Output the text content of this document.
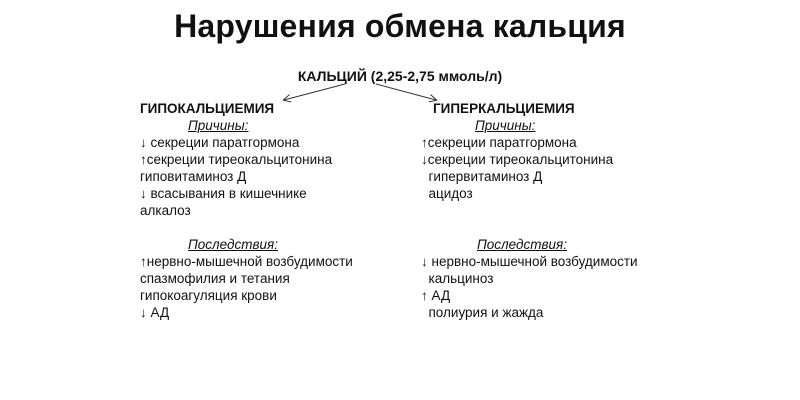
Нарушения обмена кальция
КАЛЬЦИЙ (2,25-2,75 ммоль/л)
ГИПОКАЛЬЦИЕМИЯ
Причины:
↓ секреции паратгормона
↑секреции тиреокальцитонина
гиповитаминоз Д
↓ всасывания в кишечнике
алкалоз
Последствия:
↑нервно-мышечной возбудимости
спазмофилия и тетания
гипокоагуляция крови
↓ АД
ГИПЕРКАЛЬЦИЕМИЯ
Причины:
↑секреции паратгормона
↓секреции тиреокальцитонина
гипервитаминоз Д
ацидоз
Последствия:
↓ нервно-мышечной возбудимости
кальциноз
↑ АД
полиурия и жажда
